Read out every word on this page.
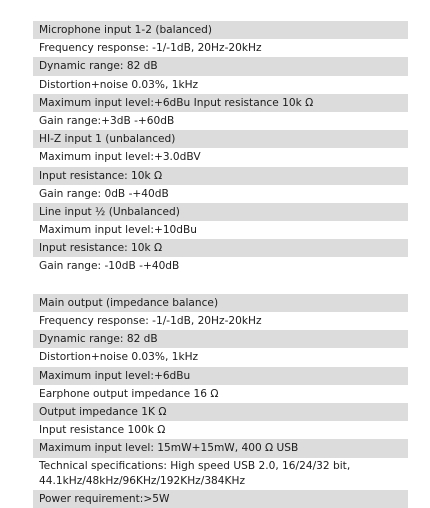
Microphone input 1-2 (balanced)
Frequency response: -1/-1dB, 20Hz-20kHz
Dynamic range: 82 dB
Distortion+noise 0.03%, 1kHz
Maximum input level:+6dBu Input resistance 10k Ω
Gain range:+3dB -+60dB
HI-Z input 1 (unbalanced)
Maximum input level:+3.0dBV
Input resistance: 10k Ω
Gain range: 0dB -+40dB
Line input ½ (Unbalanced)
Maximum input level:+10dBu
Input resistance: 10k Ω
Gain range: -10dB -+40dB
Main output (impedance balance)
Frequency response: -1/-1dB, 20Hz-20kHz
Dynamic range: 82 dB
Distortion+noise 0.03%, 1kHz
Maximum input level:+6dBu
Earphone output impedance 16 Ω
Output impedance 1K Ω
Input resistance 100k Ω
Maximum input level: 15mW+15mW, 400 Ω USB
Technical specifications: High speed USB 2.0, 16/24/32 bit, 44.1kHz/48kHz/96KHz/192KHz/384KHz
Power requirement:>5W
